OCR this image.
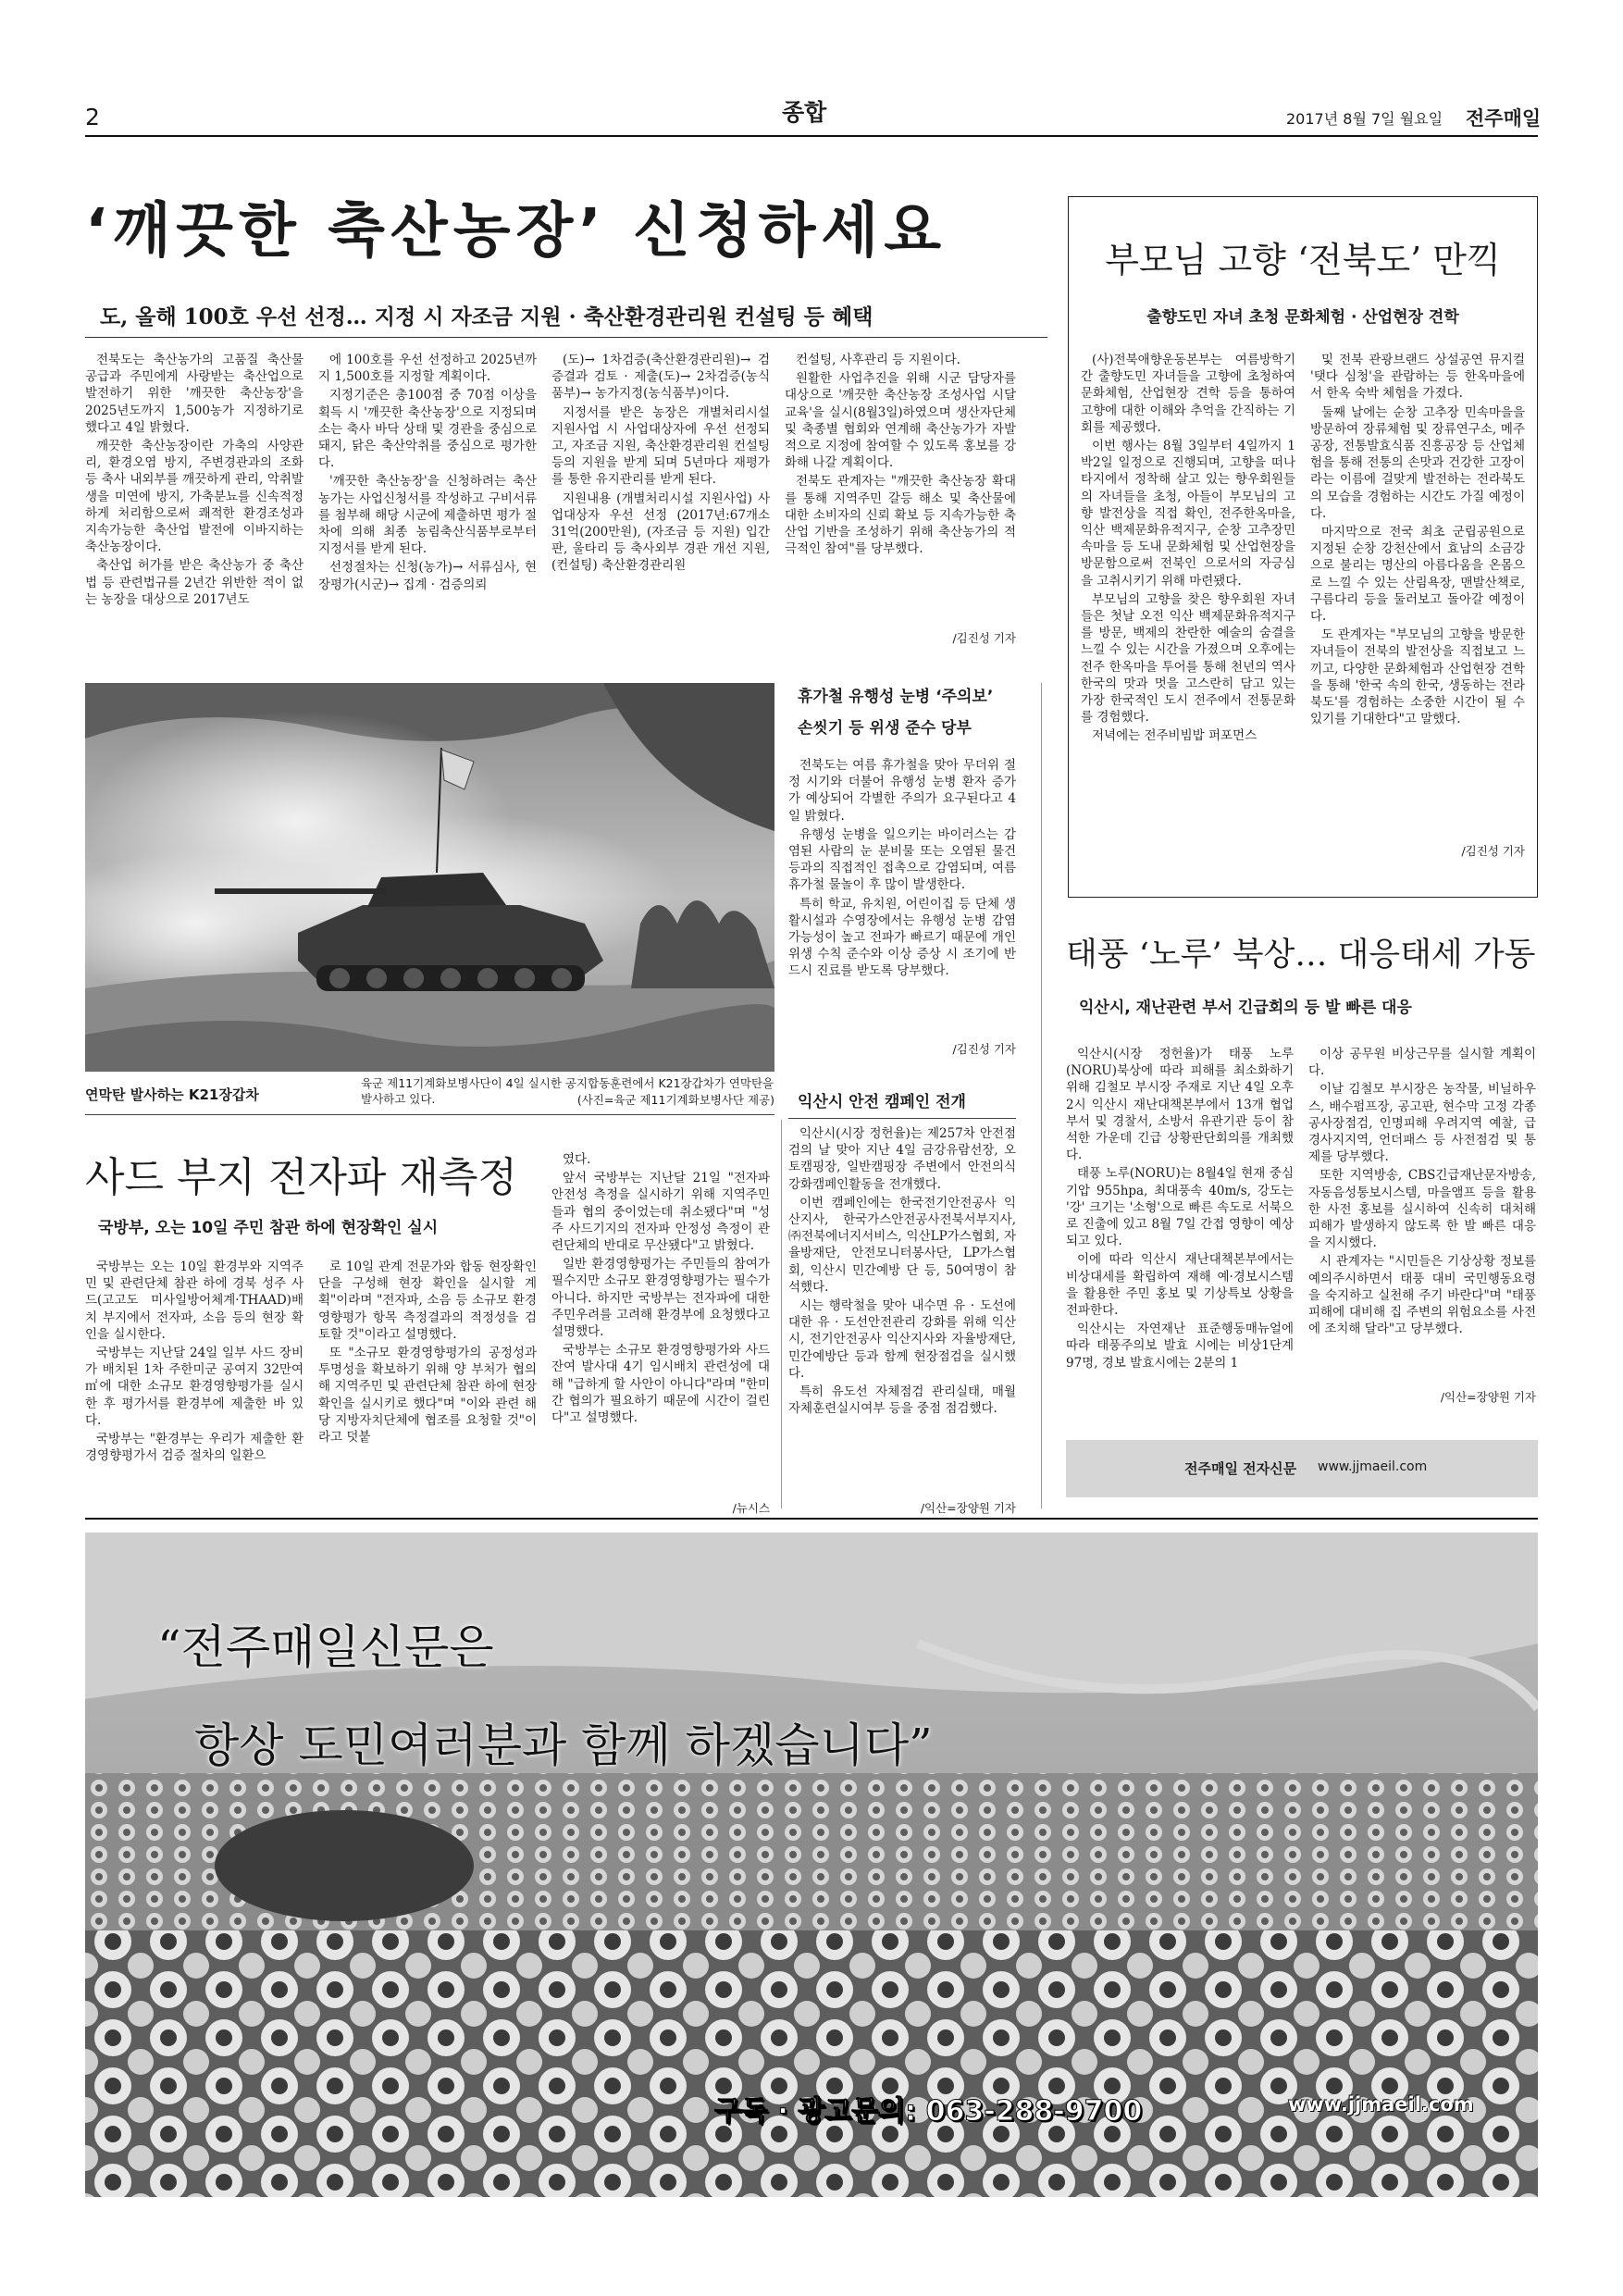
2	종합	2017년 8월 7일 월요일 전주매일
‘깨끗한 축산농장’ 신청하세요
도, 올해 100호 우선 선정… 지정 시 자조금 지원 · 축산환경관리원 컨설팅 등 혜택

전북도는 축산농가의 고품질 축산물 공급과 주민에게 사랑받는 축산업으로 발전하기 위한 '깨끗한 축산농장'을 2025년도까지 1,500농가 지정하기로 했다고 4일 밝혔다.

깨끗한 축산농장이란 가축의 사양관리, 환경오염 방지, 주변경관과의 조화 등 축사 내외부를 깨끗하게 관리, 악취발생을 미연에 방지, 가축분뇨를 신속적정하게 처리함으로써 쾌적한 환경조성과 지속가능한 축산업 발전에 이바지하는 축산농장이다.

축산업 허가를 받은 축산농가 중 축산법 등 관련법규를 2년간 위반한 적이 없는 농장을 대상으로 2017년도

에 100호를 우선 선정하고 2025년까지 1,500호를 지정할 계획이다.

지정기준은 총100점 중 70점 이상을 획득 시 '깨끗한 축산농장'으로 지정되며 소는 축사 바닥 상태 및 경관을 중심으로 돼지, 닭은 축산악취를 중심으로 평가한다.

'깨끗한 축산농장'을 신청하려는 축산농가는 사업신청서를 작성하고 구비서류를 첨부해 해당 시군에 제출하면 평가 절차에 의해 최종 농림축산식품부로부터 지정서를 받게 된다.

선정절차는 신청(농가)→ 서류심사, 현장평가(시군)→ 집계 · 검증의뢰

(도)→ 1차검증(축산환경관리원)→ 검증결과 검토 · 제출(도)→ 2차검증(농식품부)→ 농가지정(농식품부)이다.

지정서를 받은 농장은 개별처리시설 지원사업 시 사업대상자에 우선 선정되고, 자조금 지원, 축산환경관리원 컨설팅 등의 지원을 받게 되며 5년마다 재평가를 통한 유지관리를 받게 된다.

지원내용 (개별처리시설 지원사업) 사업대상자 우선 선정 (2017년:67개소 31억(200만원), (자조금 등 지원) 입간판, 울타리 등 축사외부 경관 개선 지원, (컨설팅) 축산환경관리원

컨설팅, 사후관리 등 지원이다.

원활한 사업추진을 위해 시군 담당자를 대상으로 '깨끗한 축산농장 조성사업 시달교육'을 실시(8월3일)하였으며 생산자단체 및 축종별 협회와 연계해 축산농가가 자발적으로 지정에 참여할 수 있도록 홍보를 강화해 나갈 계획이다.

전북도 관계자는 "깨끗한 축산농장 확대를 통해 지역주민 갈등 해소 및 축산물에 대한 소비자의 신뢰 확보 등 지속가능한 축산업 기반을 조성하기 위해 축산농가의 적극적인 참여"를 당부했다.

/김진성 기자
부모님 고향 ‘전북도’ 만끽
출향도민 자녀 초청 문화체험 · 산업현장 견학

(사)전북애향운동본부는 여름방학기간 출향도민 자녀들을 고향에 초청하여 문화체험, 산업현장 견학 등을 통하여 고향에 대한 이해와 추억을 간직하는 기회를 제공했다.

이번 행사는 8월 3일부터 4일까지 1박2일 일정으로 진행되며, 고향을 떠나 타지에서 정착해 살고 있는 향우회원들의 자녀들을 초청, 아들이 부모님의 고향 발전상을 직접 확인, 전주한옥마을, 익산 백제문화유적지구, 순창 고추장민속마을 등 도내 문화체험 및 산업현장을 방문함으로써 전북인 으로서의 자긍심을 고취시키기 위해 마련됐다.

부모님의 고향을 찾은 향우회원 자녀들은 첫날 오전 익산 백제문화유적지구를 방문, 백제의 찬란한 예술의 숨결을 느낄 수 있는 시간을 가졌으며 오후에는 전주 한옥마을 투어를 통해 천년의 역사 한국의 맛과 멋을 고스란히 담고 있는 가장 한국적인 도시 전주에서 전통문화를 경험했다.

저녁에는 전주비빔밥 퍼포먼스

및 전북 관광브랜드 상설공연 뮤지컬 '탯다 심청'을 관람하는 등 한옥마을에서 한옥 숙박 체험을 가졌다.

둘째 날에는 순창 고추장 민속마을을 방문하여 장류체험 및 장류연구소, 메주공장, 전통발효식품 진흥공장 등 산업체험을 통해 전통의 손맛과 건강한 고장이라는 이름에 걸맞게 발전하는 전라북도의 모습을 경험하는 시간도 가질 예정이다.

마지막으로 전국 최초 군립공원으로 지정된 순창 강천산에서 효남의 소금강으로 불리는 명산의 아름다움을 온몸으로 느낄 수 있는 산림욕장, 맨발산책로, 구름다리 등을 둘러보고 돌아갈 예정이다.

도 관계자는 "부모님의 고향을 방문한 자녀들이 전북의 발전상을 직접보고 느끼고, 다양한 문화체험과 산업현장 견학을 통해 '한국 속의 한국, 생동하는 전라북도'를 경험하는 소중한 시간이 될 수 있기를 기대한다"고 말했다.

/김진성 기자
연막탄 발사하는 K21장갑차
육군 제11기계화보병사단이 4일 실시한 공지합동훈련에서 K21장갑차가 연막탄을 발사하고 있다.	(사진=육군 제11기계화보병사단 제공)
휴가철 유행성 눈병 ‘주의보’
손씻기 등 위생 준수 당부

전북도는 여름 휴가철을 맞아 무더위 절정 시기와 더불어 유행성 눈병 환자 증가가 예상되어 각별한 주의가 요구된다고 4일 밝혔다.

유행성 눈병을 일으키는 바이러스는 감염된 사람의 눈 분비물 또는 오염된 물건 등과의 직접적인 접촉으로 감염되며, 여름 휴가철 물놀이 후 많이 발생한다.

특히 학교, 유치원, 어린이집 등 단체 생활시설과 수영장에서는 유행성 눈병 감염 가능성이 높고 전파가 빠르기 때문에 개인위생 수칙 준수와 이상 증상 시 조기에 반드시 진료를 받도록 당부했다.

/김진성 기자
익산시 안전 캠페인 전개

익산시(시장 정헌율)는 제257차 안전점검의 날 맞아 지난 4일 금강유람선장, 오토캠핑장, 일반캠핑장 주변에서 안전의식 강화캠페인활동을 전개했다.

이번 캠페인에는 한국전기안전공사 익산지사, 한국가스안전공사전북서부지사, ㈜전북에너지서비스, 익산LP가스협회, 자율방재단, 안전모니터봉사단, LP가스협회, 익산시 민간예방 단 등, 50여명이 참석했다.

시는 행락철을 맞아 내수면 유 · 도선에 대한 유 · 도선안전관리 강화를 위해 익산시, 전기안전공사 익산지사와 자율방재단, 민간예방단 등과 함께 현장점검을 실시했다.

특히 유도선 자체점검 관리실태, 매월 자체훈련실시여부 등을 중점 점검했다.

/익산=장양원 기자
사드 부지 전자파 재측정
국방부, 오는 10일 주민 참관 하에 현장확인 실시

국방부는 오는 10일 환경부와 지역주민 및 관련단체 참관 하에 경북 성주 사드(고고도 미사일방어체계·THAAD)배치 부지에서 전자파, 소음 등의 현장 확인을 실시한다.

국방부는 지난달 24일 일부 사드 장비가 배치된 1차 주한미군 공여지 32만여㎡에 대한 소규모 환경영향평가를 실시한 후 평가서를 환경부에 제출한 바 있다.

국방부는 "환경부는 우리가 제출한 환경영향평가서 검증 절차의 일환으

로 10일 관계 전문가와 합동 현장확인단을 구성해 현장 확인을 실시할 계획"이라며 "전자파, 소음 등 소규모 환경영향평가 항목 측정결과의 적정성을 검토할 것"이라고 설명했다.

또 "소규모 환경영향평가의 공정성과 투명성을 확보하기 위해 양 부처가 협의해 지역주민 및 관련단체 참관 하에 현장 확인을 실시키로 했다"며 "이와 관련 해당 지방자치단체에 협조를 요청할 것"이라고 덧붙

였다.

앞서 국방부는 지난달 21일 "전자파 안전성 측정을 실시하기 위해 지역주민들과 협의 중이었는데 취소됐다"며 "성주 사드기지의 전자파 안정성 측정이 관련단체의 반대로 무산됐다"고 밝혔다.

일반 환경영향평가는 주민들의 참여가 필수지만 소규모 환경영향평가는 필수가 아니다. 하지만 국방부는 전자파에 대한 주민우려를 고려해 환경부에 요청했다고 설명했다.

국방부는 소규모 환경영향평가와 사드 잔여 발사대 4기 임시배치 관련성에 대해 "급하게 할 사안이 아니다"라며 "한미 간 협의가 필요하기 때문에 시간이 걸린다"고 설명했다.

/뉴시스
태풍 ‘노루’ 북상… 대응태세 가동
익산시, 재난관련 부서 긴급회의 등 발 빠른 대응

익산시(시장 정헌율)가 태풍 노루(NORU)북상에 따라 피해를 최소화하기 위해 김철모 부시장 주재로 지난 4일 오후2시 익산시 재난대책본부에서 13개 협업부서 및 경찰서, 소방서 유관기관 등이 참석한 가운데 긴급 상황판단회의를 개최했다.

태풍 노루(NORU)는 8월4일 현재 중심기압 955hpa, 최대풍속 40m/s, 강도는 '강' 크기는 '소형'으로 빠른 속도로 서북으로 진출에 있고 8월 7일 간접 영향이 예상되고 있다.

이에 따라 익산시 재난대책본부에서는 비상대세를 확립하여 재해 예·경보시스템을 활용한 주민 홍보 및 기상특보 상황을 전파한다.

익산시는 자연재난 표준행동매뉴얼에 따라 태풍주의보 발효 시에는 비상1단계 97명, 경보 발효시에는 2분의 1

이상 공무원 비상근무를 실시할 계획이다.

이날 김철모 부시장은 농작물, 비닐하우스, 배수펌프장, 공고판, 현수막 고정 각종 공사장점검, 인명피해 우려지역 예찰, 급경사지지역, 언더패스 등 사전점검 및 통제를 당부했다.

또한 지역방송, CBS긴급재난문자방송, 자동음성통보시스템, 마을앰프 등을 활용한 사전 홍보를 실시하여 신속히 대처해 피해가 발생하지 않도록 한 발 빠른 대응을 지시했다.

시 관계자는 "시민들은 기상상황 정보를 예의주시하면서 태풍 대비 국민행동요령을 숙지하고 실천해 주기 바란다"며 "태풍 피해에 대비해 집 주변의 위험요소를 사전에 조치해 달라"고 당부했다.

/익산=장양원 기자
전주매일 전자신문 www.jjmaeil.com
“전주매일신문은
항상 도민여러분과 함께 하겠습니다”
구독 · 광고문의: 063-288-9700	www.jjmaeil.com
